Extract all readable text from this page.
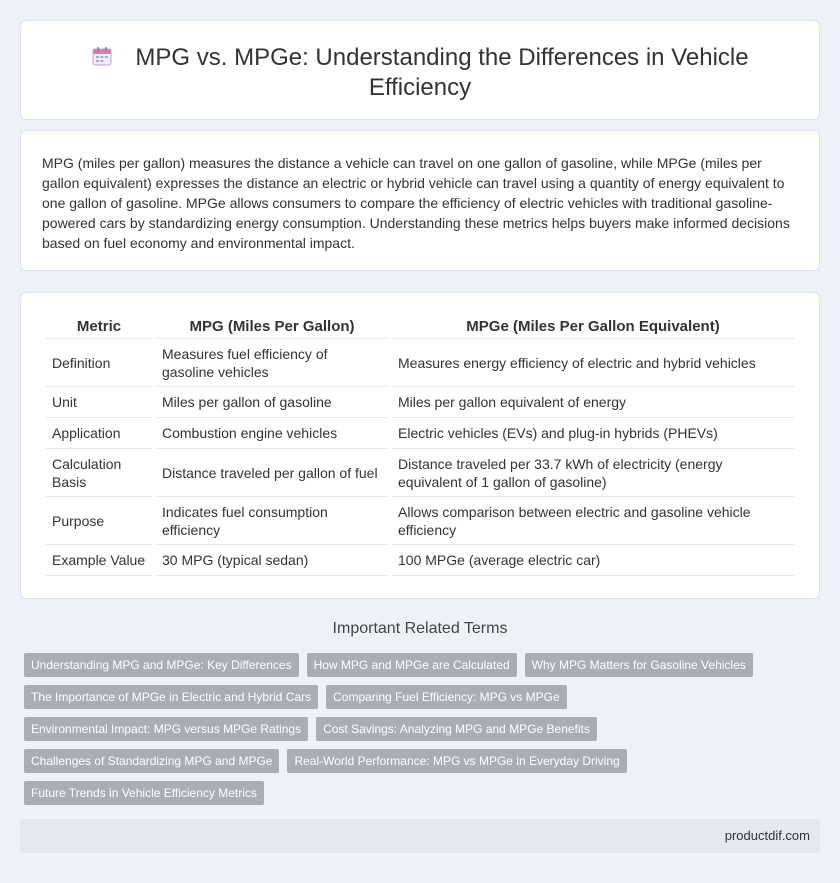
MPG vs. MPGe: Understanding the Differences in Vehicle Efficiency

MPG (miles per gallon) measures the distance a vehicle can travel on one gallon of gasoline, while MPGe (miles per gallon equivalent) expresses the distance an electric or hybrid vehicle can travel using a quantity of energy equivalent to one gallon of gasoline. MPGe allows consumers to compare the efficiency of electric vehicles with traditional gasoline-powered cars by standardizing energy consumption. Understanding these metrics helps buyers make informed decisions based on fuel economy and environmental impact.

Metric	MPG (Miles Per Gallon)	MPGe (Miles Per Gallon Equivalent)
Definition	Measures fuel efficiency of gasoline vehicles	Measures energy efficiency of electric and hybrid vehicles
Unit	Miles per gallon of gasoline	Miles per gallon equivalent of energy
Application	Combustion engine vehicles	Electric vehicles (EVs) and plug-in hybrids (PHEVs)
Calculation Basis	Distance traveled per gallon of fuel	Distance traveled per 33.7 kWh of electricity (energy equivalent of 1 gallon of gasoline)
Purpose	Indicates fuel consumption efficiency	Allows comparison between electric and gasoline vehicle efficiency
Example Value	30 MPG (typical sedan)	100 MPGe (average electric car)
Important Related Terms
Understanding MPG and MPGe: Key Differences How MPG and MPGe are Calculated Why MPG Matters for Gasoline Vehicles
The Importance of MPGe in Electric and Hybrid Cars Comparing Fuel Efficiency: MPG vs MPGe
Environmental Impact: MPG versus MPGe Ratings Cost Savings: Analyzing MPG and MPGe Benefits
Challenges of Standardizing MPG and MPGe Real-World Performance: MPG vs MPGe in Everyday Driving
Future Trends in Vehicle Efficiency Metrics
productdif.com
